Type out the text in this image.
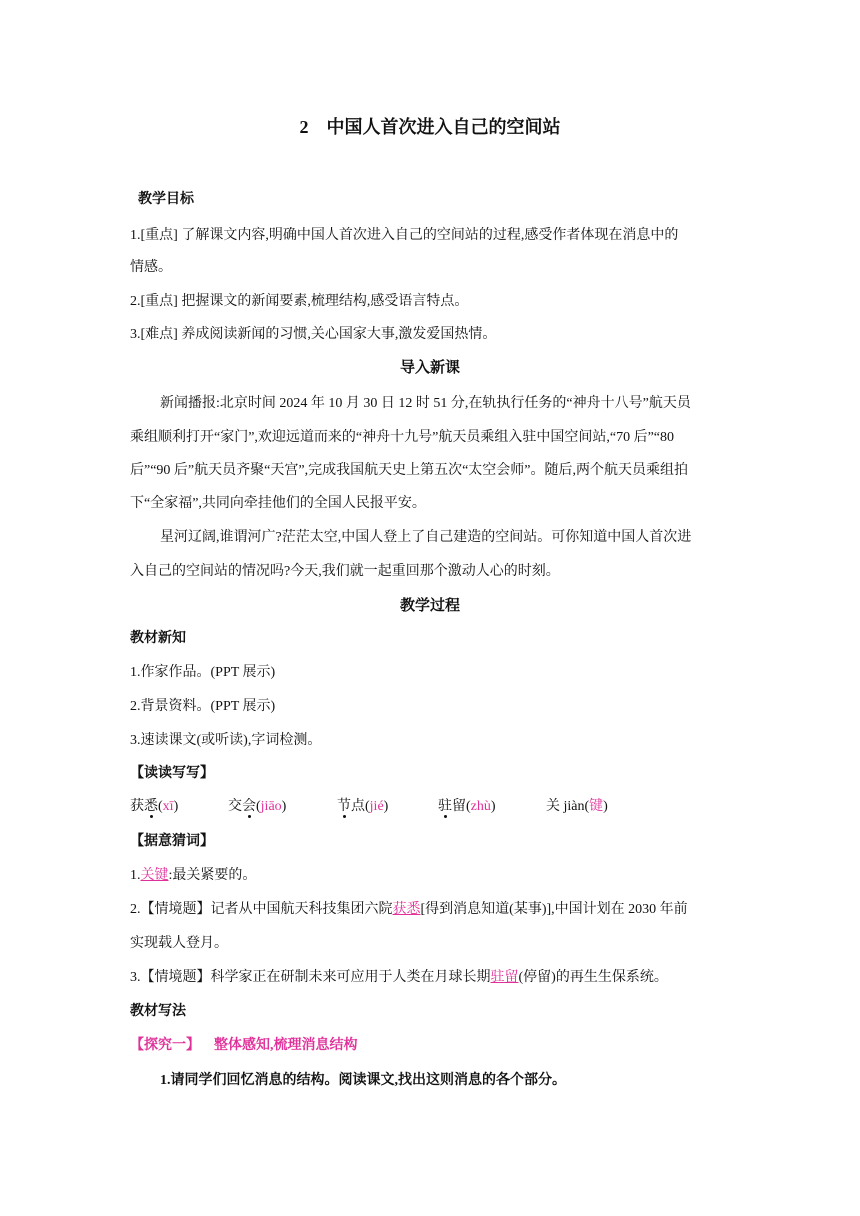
2　中国人首次进入自己的空间站
教学目标
1.[重点] 了解课文内容,明确中国人首次进入自己的空间站的过程,感受作者体现在消息中的
情感。
2.[重点] 把握课文的新闻要素,梳理结构,感受语言特点。
3.[难点] 养成阅读新闻的习惯,关心国家大事,激发爱国热情。
导入新课
新闻播报:北京时间 2024 年 10 月 30 日 12 时 51 分,在轨执行任务的“神舟十八号”航天员
乘组顺利打开“家门”,欢迎远道而来的“神舟十九号”航天员乘组入驻中国空间站,“70 后”“80
后”“90 后”航天员齐聚“天宫”,完成我国航天史上第五次“太空会师”。随后,两个航天员乘组拍
下“全家福”,共同向牵挂他们的全国人民报平安。
星河辽阔,谁谓河广?茫茫太空,中国人登上了自己建造的空间站。可你知道中国人首次进
入自己的空间站的情况吗?今天,我们就一起重回那个激动人心的时刻。
教学过程
教材新知
1.作家作品。(PPT 展示)
2.背景资料。(PPT 展示)
3.速读课文(或听读),字词检测。
【读读写写】
获悉(xī)	交会(jiāo)	节点(jié)	驻留(zhù)	关 jiàn(键)
【据意猜词】
1.关键:最关紧要的。
2.【情境题】记者从中国航天科技集团六院获悉[得到消息知道(某事)],中国计划在 2030 年前
实现载人登月。
3.【情境题】科学家正在研制未来可应用于人类在月球长期驻留(停留)的再生生保系统。
教材写法
【探究一】 整体感知,梳理消息结构
1.请同学们回忆消息的结构。阅读课文,找出这则消息的各个部分。
